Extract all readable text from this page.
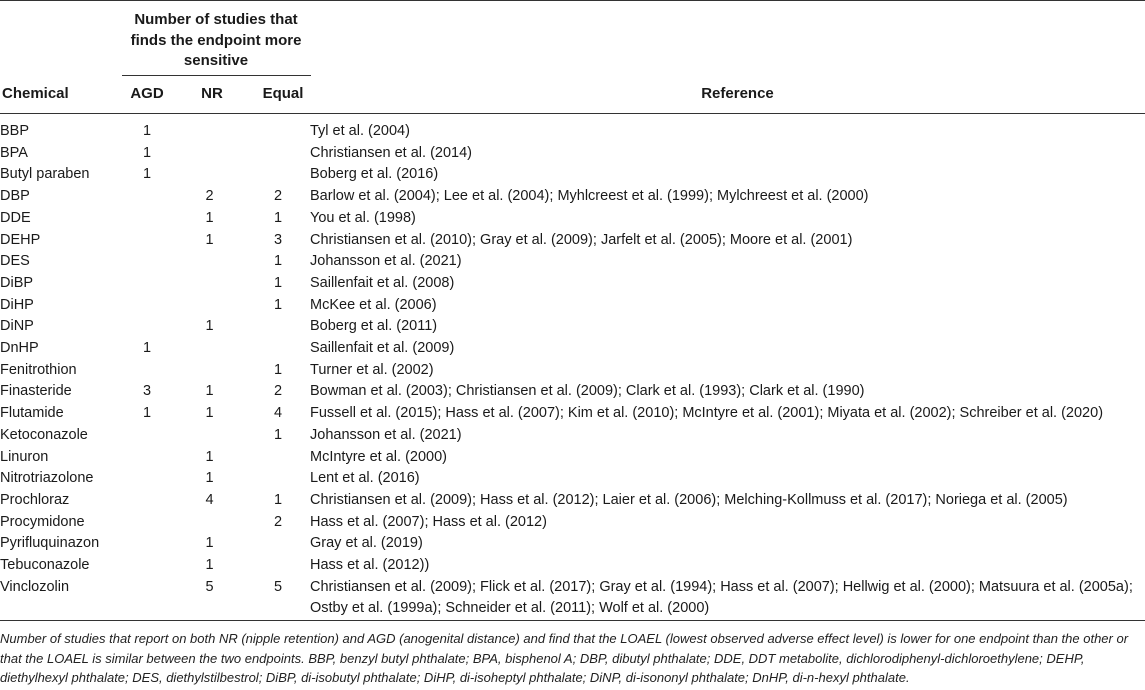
Number of studies that finds the endpoint more sensitive
Chemical	AGD	NR	Equal	Reference
BBP	1			Tyl et al. (2004)
BPA	1			Christiansen et al. (2014)
Butyl paraben	1			Boberg et al. (2016)
DBP		2	2	Barlow et al. (2004); Lee et al. (2004); Myhlcreest et al. (1999); Mylchreest et al. (2000)
DDE		1	1	You et al. (1998)
DEHP		1	3	Christiansen et al. (2010); Gray et al. (2009); Jarfelt et al. (2005); Moore et al. (2001)
DES			1	Johansson et al. (2021)
DiBP			1	Saillenfait et al. (2008)
DiHP			1	McKee et al. (2006)
DiNP		1		Boberg et al. (2011)
DnHP	1			Saillenfait et al. (2009)
Fenitrothion			1	Turner et al. (2002)
Finasteride	3	1	2	Bowman et al. (2003); Christiansen et al. (2009); Clark et al. (1993); Clark et al. (1990)
Flutamide	1	1	4	Fussell et al. (2015); Hass et al. (2007); Kim et al. (2010); McIntyre et al. (2001); Miyata et al. (2002); Schreiber et al. (2020)
Ketoconazole			1	Johansson et al. (2021)
Linuron		1		McIntyre et al. (2000)
Nitrotriazolone		1		Lent et al. (2016)
Prochloraz		4	1	Christiansen et al. (2009); Hass et al. (2012); Laier et al. (2006); Melching-Kollmuss et al. (2017); Noriega et al. (2005)
Procymidone			2	Hass et al. (2007); Hass et al. (2012)
Pyrifluquinazon		1		Gray et al. (2019)
Tebuconazole		1		Hass et al. (2012))
Vinclozolin		5	5	Christiansen et al. (2009); Flick et al. (2017); Gray et al. (1994); Hass et al. (2007); Hellwig et al. (2000); Matsuura et al. (2005a); Ostby et al. (1999a); Schneider et al. (2011); Wolf et al. (2000)
Number of studies that report on both NR (nipple retention) and AGD (anogenital distance) and find that the LOAEL (lowest observed adverse effect level) is lower for one endpoint than the other or that the LOAEL is similar between the two endpoints. BBP, benzyl butyl phthalate; BPA, bisphenol A; DBP, dibutyl phthalate; DDE, DDT metabolite, dichlorodiphenyl-dichloroethylene; DEHP, diethylhexyl phthalate; DES, diethylstilbestrol; DiBP, di-isobutyl phthalate; DiHP, di-isoheptyl phthalate; DiNP, di-isononyl phthalate; DnHP, di-n-hexyl phthalate.
